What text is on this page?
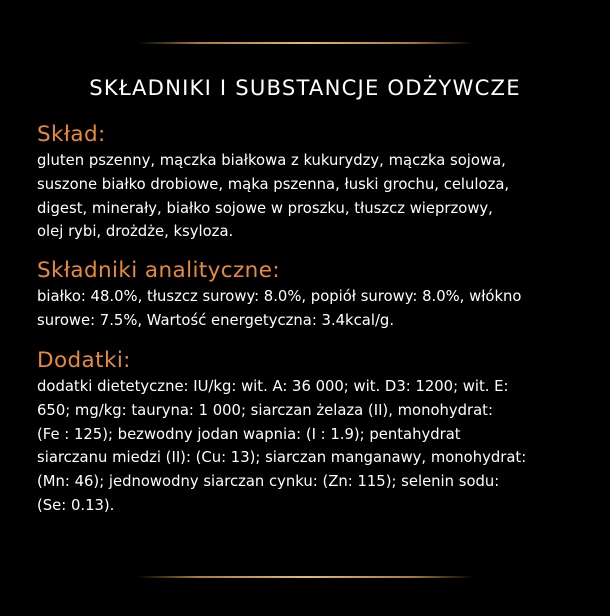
SKŁADNIKI I SUBSTANCJE ODŻYWCZE
Skład:
gluten pszenny, mączka białkowa z kukurydzy, mączka sojowa,
suszone białko drobiowe, mąka pszenna, łuski grochu, celuloza,
digest, minerały, białko sojowe w proszku, tłuszcz wieprzowy,
olej rybi, drożdże, ksyloza.
Składniki analityczne:
białko: 48.0%, tłuszcz surowy: 8.0%, popiół surowy: 8.0%, włókno
surowe: 7.5%, Wartość energetyczna: 3.4kcal/g.
Dodatki:
dodatki dietetyczne: IU/kg: wit. A: 36 000; wit. D3: 1200; wit. E:
650; mg/kg: tauryna: 1 000; siarczan żelaza (II), monohydrat:
(Fe : 125); bezwodny jodan wapnia: (I : 1.9); pentahydrat
siarczanu miedzi (II): (Cu: 13); siarczan manganawy, monohydrat:
(Mn: 46); jednowodny siarczan cynku: (Zn: 115); selenin sodu:
(Se: 0.13).
